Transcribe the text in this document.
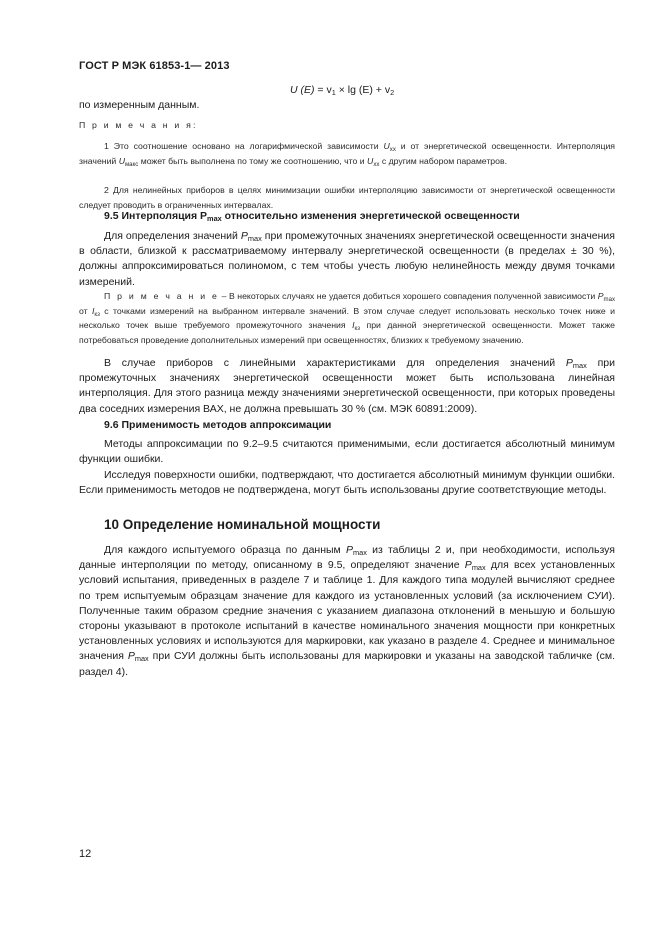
ГОСТ Р МЭК 61853-1— 2013
U $(E) = v_1 \times \lg (E) + v_2$

по измеренным данным.

П р и м е ч а н и я:

1 Это соотношение основано на логарифмической зависимости $U_{хх}$ и от энергетической освещенности. Интерполяция значений $U_{макс}$ может быть выполнена по тому же соотношению, что и $U_{хх}$ с другим набором параметров.

2 Для нелинейных приборов в целях минимизации ошибки интерполяцию зависимости от энергетической освещенности следует проводить в ограниченных интервалах.

9.5 Интерполяция $P_{max}$ относительно изменения энергетической освещенности

Для определения значений $P_{max}$ при промежуточных значениях энергетической освещенности значения в области, близкой к рассматриваемому интервалу энергетической освещенности (в пределах ± 30 %), должны аппроксимироваться полиномом, с тем чтобы учесть любую нелинейность между двумя точками измерений.

П р и м е ч а н и е – В некоторых случаях не удается добиться хорошего совпадения полученной зависимости $P_{max}$ от $I_{кз}$ с точками измерений на выбранном интервале значений. В этом случае следует использовать несколько точек ниже и несколько точек выше требуемого промежуточного значения $I_{кз}$ при данной энергетической освещенности. Может также потребоваться проведение дополнительных измерений при освещенностях, близких к требуемому значению.

В случае приборов с линейными характеристиками для определения значений $P_{max}$ при промежуточных значениях энергетической освещенности может быть использована линейная интерполяция. Для этого разница между значениями энергетической освещенности, при которых проведены два соседних измерения ВАХ, не должна превышать 30 % (см. МЭК 60891:2009).

9.6 Применимость методов аппроксимации

Методы аппроксимации по 9.2–9.5 считаются применимыми, если достигается абсолютный минимум функции ошибки.

Исследуя поверхности ошибки, подтверждают, что достигается абсолютный минимум функции ошибки. Если применимость методов не подтверждена, могут быть использованы другие соответствующие методы.

10 Определение номинальной мощности

Для каждого испытуемого образца по данным $P_{max}$ из таблицы 2 и, при необходимости, используя данные интерполяции по методу, описанному в 9.5, определяют значение $P_{max}$ для всех установленных условий испытания, приведенных в разделе 7 и таблице 1. Для каждого типа модулей вычисляют среднее по трем испытуемым образцам значение для каждого из установленных условий (за исключением СУИ). Полученные таким образом средние значения с указанием диапазона отклонений в меньшую и большую стороны указывают в протоколе испытаний в качестве номинального значения мощности при конкретных установленных условиях и используются для маркировки, как указано в разделе 4. Среднее и минимальное значения $P_{max}$ при СУИ должны быть использованы для маркировки и указаны на заводской табличке (см. раздел 4).

12
